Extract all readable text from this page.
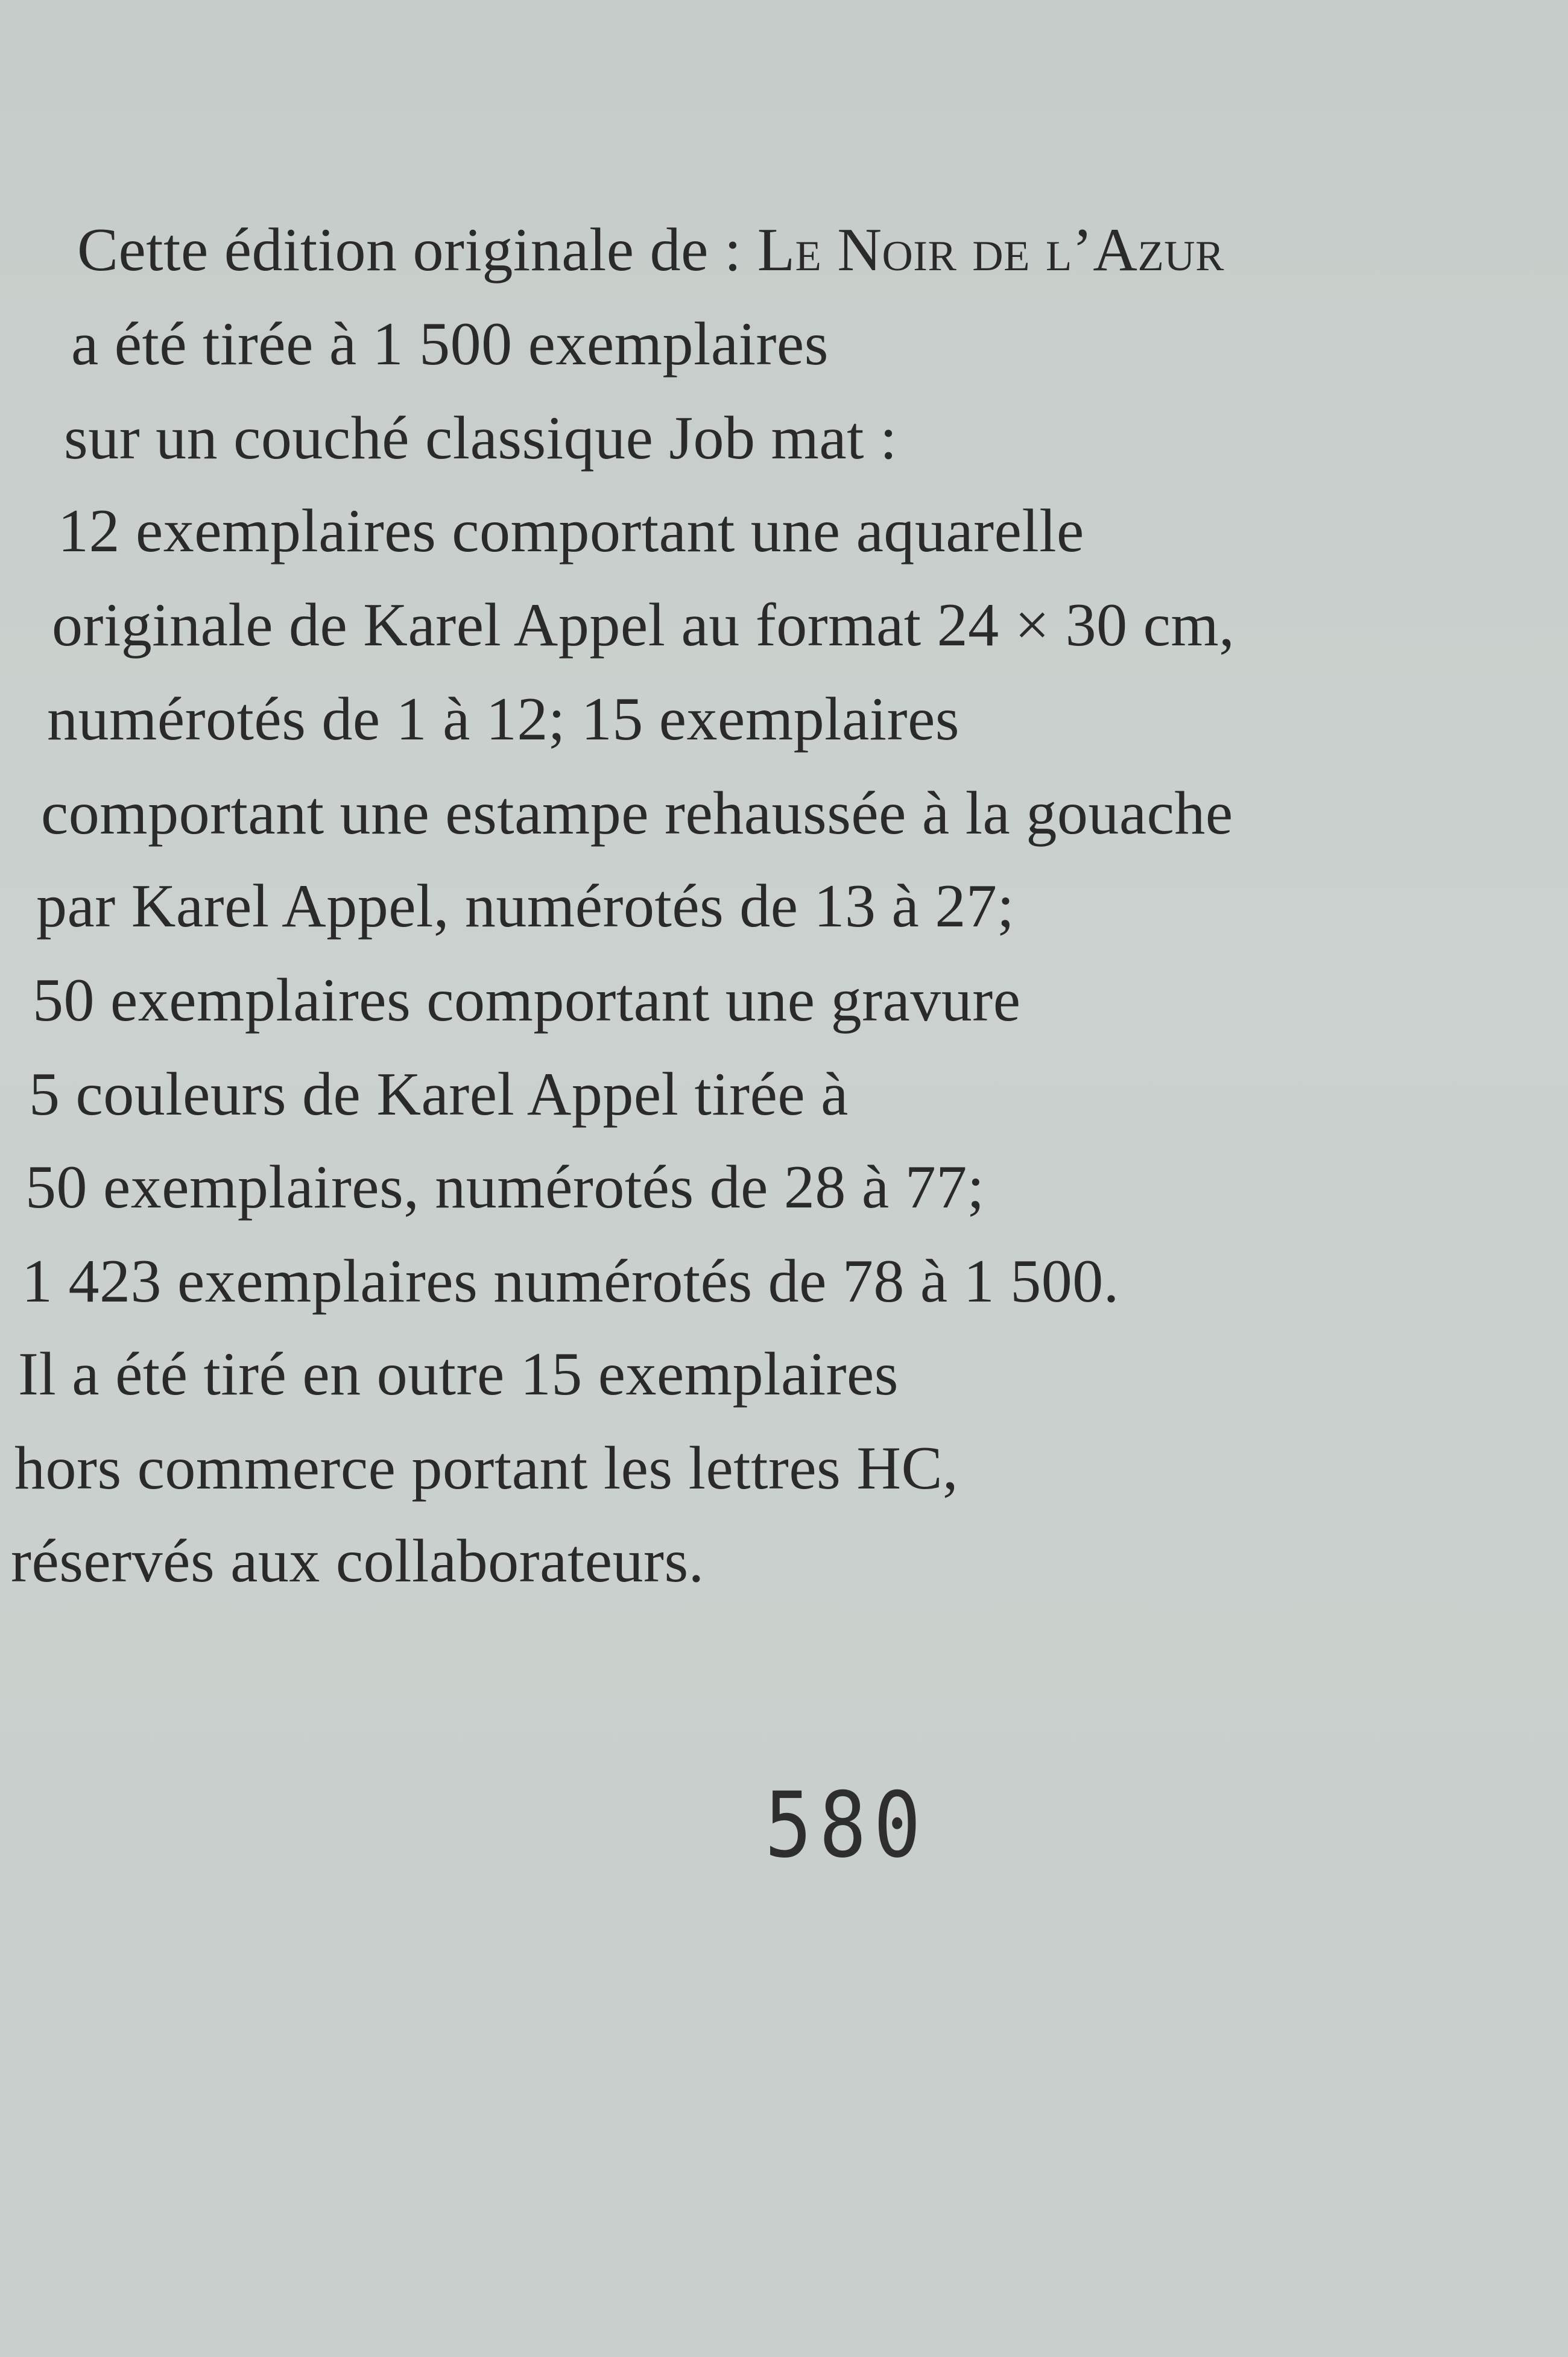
Cette édition originale de : Le Noir de l’Azur
a été tirée à 1 500 exemplaires
sur un couché classique Job mat :
12 exemplaires comportant une aquarelle
originale de Karel Appel au format 24 × 30 cm,
numérotés de 1 à 12; 15 exemplaires
comportant une estampe rehaussée à la gouache
par Karel Appel, numérotés de 13 à 27;
50 exemplaires comportant une gravure
5 couleurs de Karel Appel tirée à
50 exemplaires, numérotés de 28 à 77;
1 423 exemplaires numérotés de 78 à 1 500.
Il a été tiré en outre 15 exemplaires
hors commerce portant les lettres HC,
réservés aux collaborateurs.
580
